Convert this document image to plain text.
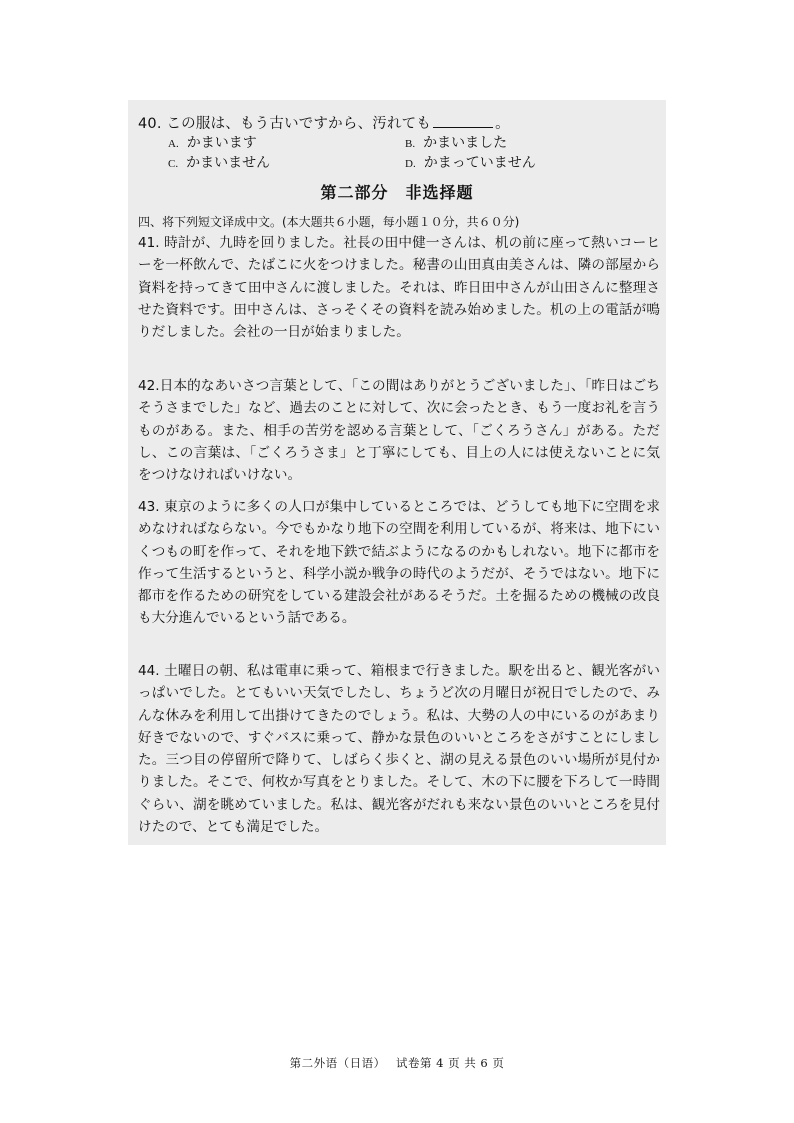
40. この服は、もう古いですから、汚れても	。
A. かまいます	B. かまいました
C. かまいません	D. かまっていません
第二部分　非选择题
四、将下列短文译成中文。(本大题共６小题，每小题１０分，共６０分)

41. 時計が、九時を回りました。社長の田中健一さんは、机の前に座って熱いコーヒーを一杯飲んで、たばこに火をつけました。秘書の山田真由美さんは、隣の部屋から資料を持ってきて田中さんに渡しました。それは、昨日田中さんが山田さんに整理させた資料です。田中さんは、さっそくその資料を読み始めました。机の上の電話が鳴りだしました。会社の一日が始まりました。

42.日本的なあいさつ言葉として、「この間はありがとうございました」、「昨日はごちそうさまでした」など、過去のことに対して、次に会ったとき、もう一度お礼を言うものがある。また、相手の苦労を認める言葉として、「ごくろうさん」がある。ただし、この言葉は、「ごくろうさま」と丁寧にしても、目上の人には使えないことに気をつけなければいけない。

43. 東京のように多くの人口が集中しているところでは、どうしても地下に空間を求めなければならない。今でもかなり地下の空間を利用しているが、将来は、地下にいくつもの町を作って、それを地下鉄で結ぶようになるのかもしれない。地下に都市を作って生活するというと、科学小説か戦争の時代のようだが、そうではない。地下に都市を作るための研究をしている建設会社があるそうだ。土を掘るための機械の改良も大分進んでいるという話である。

44. 土曜日の朝、私は電車に乗って、箱根まで行きました。駅を出ると、観光客がいっぱいでした。とてもいい天気でしたし、ちょうど次の月曜日が祝日でしたので、みんな休みを利用して出掛けてきたのでしょう。私は、大勢の人の中にいるのがあまり好きでないので、すぐバスに乗って、静かな景色のいいところをさがすことにしました。三つ目の停留所で降りて、しばらく歩くと、湖の見える景色のいい場所が見付かりました。そこで、何枚か写真をとりました。そして、木の下に腰を下ろして一時間ぐらい、湖を眺めていました。私は、観光客がだれも来ない景色のいいところを見付けたので、とても満足でした。

第二外语（日语）　 试卷第 4 页 共 6 页
